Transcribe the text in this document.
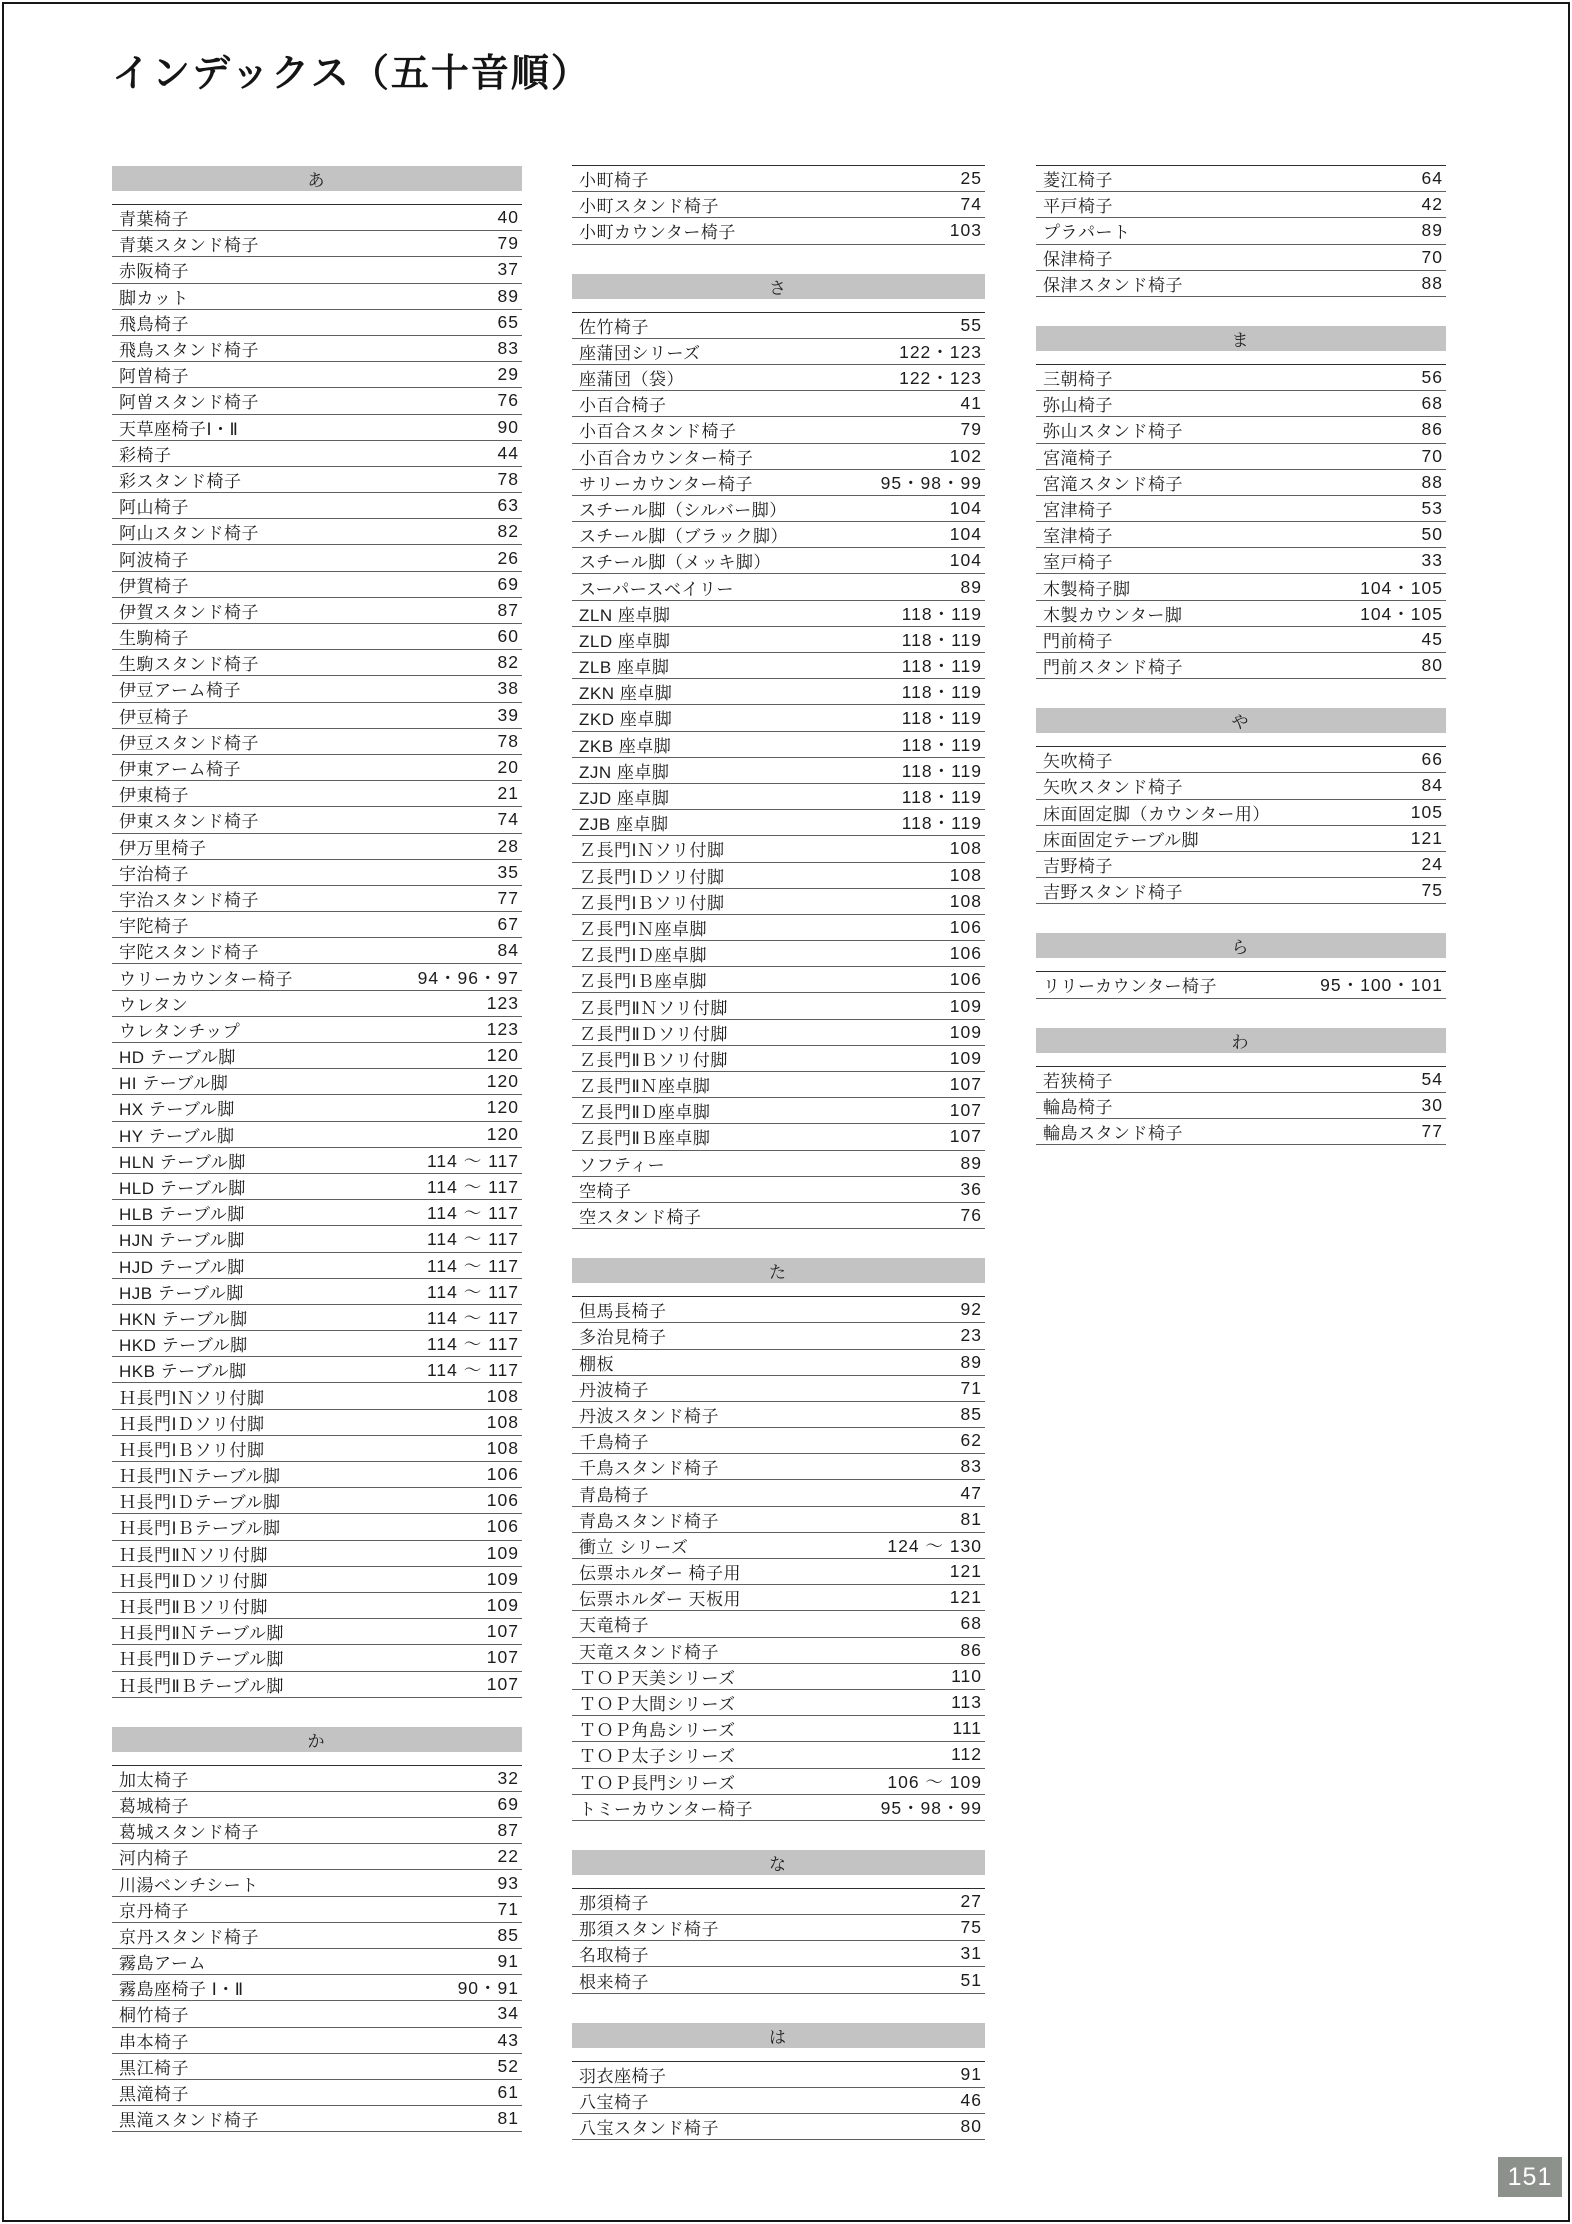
インデックス（五十音順）
あ
青葉椅子	40
青葉スタンド椅子	79
赤阪椅子	37
脚カット	89
飛鳥椅子	65
飛鳥スタンド椅子	83
阿曽椅子	29
阿曽スタンド椅子	76
天草座椅子Ⅰ・Ⅱ	90
彩椅子	44
彩スタンド椅子	78
阿山椅子	63
阿山スタンド椅子	82
阿波椅子	26
伊賀椅子	69
伊賀スタンド椅子	87
生駒椅子	60
生駒スタンド椅子	82
伊豆アーム椅子	38
伊豆椅子	39
伊豆スタンド椅子	78
伊東アーム椅子	20
伊東椅子	21
伊東スタンド椅子	74
伊万里椅子	28
宇治椅子	35
宇治スタンド椅子	77
宇陀椅子	67
宇陀スタンド椅子	84
ウリーカウンター椅子	94・96・97
ウレタン	123
ウレタンチップ	123
HD テーブル脚	120
HI テーブル脚	120
HX テーブル脚	120
HY テーブル脚	120
HLN テーブル脚	114 〜 117
HLD テーブル脚	114 〜 117
HLB テーブル脚	114 〜 117
HJN テーブル脚	114 〜 117
HJD テーブル脚	114 〜 117
HJB テーブル脚	114 〜 117
HKN テーブル脚	114 〜 117
HKD テーブル脚	114 〜 117
HKB テーブル脚	114 〜 117
Ｈ長門ⅠＮソリ付脚	108
Ｈ長門ⅠＤソリ付脚	108
Ｈ長門ⅠＢソリ付脚	108
Ｈ長門ⅠＮテーブル脚	106
Ｈ長門ⅠＤテーブル脚	106
Ｈ長門ⅠＢテーブル脚	106
Ｈ長門ⅡＮソリ付脚	109
Ｈ長門ⅡＤソリ付脚	109
Ｈ長門ⅡＢソリ付脚	109
Ｈ長門ⅡＮテーブル脚	107
Ｈ長門ⅡＤテーブル脚	107
Ｈ長門ⅡＢテーブル脚	107
か
加太椅子	32
葛城椅子	69
葛城スタンド椅子	87
河内椅子	22
川湯ベンチシート	93
京丹椅子	71
京丹スタンド椅子	85
霧島アーム	91
霧島座椅子 Ⅰ・Ⅱ	90・91
桐竹椅子	34
串本椅子	43
黒江椅子	52
黒滝椅子	61
黒滝スタンド椅子	81
小町椅子	25
小町スタンド椅子	74
小町カウンター椅子	103
さ
佐竹椅子	55
座蒲団シリーズ	122・123
座蒲団（袋）	122・123
小百合椅子	41
小百合スタンド椅子	79
小百合カウンター椅子	102
サリーカウンター椅子	95・98・99
スチール脚（シルバー脚）	104
スチール脚（ブラック脚）	104
スチール脚（メッキ脚）	104
スーパースベイリー	89
ZLN 座卓脚	118・119
ZLD 座卓脚	118・119
ZLB 座卓脚	118・119
ZKN 座卓脚	118・119
ZKD 座卓脚	118・119
ZKB 座卓脚	118・119
ZJN 座卓脚	118・119
ZJD 座卓脚	118・119
ZJB 座卓脚	118・119
Ｚ長門ⅠＮソリ付脚	108
Ｚ長門ⅠＤソリ付脚	108
Ｚ長門ⅠＢソリ付脚	108
Ｚ長門ⅠＮ座卓脚	106
Ｚ長門ⅠＤ座卓脚	106
Ｚ長門ⅠＢ座卓脚	106
Ｚ長門ⅡＮソリ付脚	109
Ｚ長門ⅡＤソリ付脚	109
Ｚ長門ⅡＢソリ付脚	109
Ｚ長門ⅡＮ座卓脚	107
Ｚ長門ⅡＤ座卓脚	107
Ｚ長門ⅡＢ座卓脚	107
ソフティー	89
空椅子	36
空スタンド椅子	76
た
但馬長椅子	92
多治見椅子	23
棚板	89
丹波椅子	71
丹波スタンド椅子	85
千鳥椅子	62
千鳥スタンド椅子	83
青島椅子	47
青島スタンド椅子	81
衝立 シリーズ	124 〜 130
伝票ホルダー 椅子用	121
伝票ホルダー 天板用	121
天竜椅子	68
天竜スタンド椅子	86
ＴＯＰ天美シリーズ	110
ＴＯＰ大間シリーズ	113
ＴＯＰ角島シリーズ	111
ＴＯＰ太子シリーズ	112
ＴＯＰ長門シリーズ	106 〜 109
トミーカウンター椅子	95・98・99
な
那須椅子	27
那須スタンド椅子	75
名取椅子	31
根来椅子	51
は
羽衣座椅子	91
八宝椅子	46
八宝スタンド椅子	80
菱江椅子	64
平戸椅子	42
プラパート	89
保津椅子	70
保津スタンド椅子	88
ま
三朝椅子	56
弥山椅子	68
弥山スタンド椅子	86
宮滝椅子	70
宮滝スタンド椅子	88
宮津椅子	53
室津椅子	50
室戸椅子	33
木製椅子脚	104・105
木製カウンター脚	104・105
門前椅子	45
門前スタンド椅子	80
や
矢吹椅子	66
矢吹スタンド椅子	84
床面固定脚（カウンター用）	105
床面固定テーブル脚	121
吉野椅子	24
吉野スタンド椅子	75
ら
リリーカウンター椅子	95・100・101
わ
若狭椅子	54
輪島椅子	30
輪島スタンド椅子	77
151
